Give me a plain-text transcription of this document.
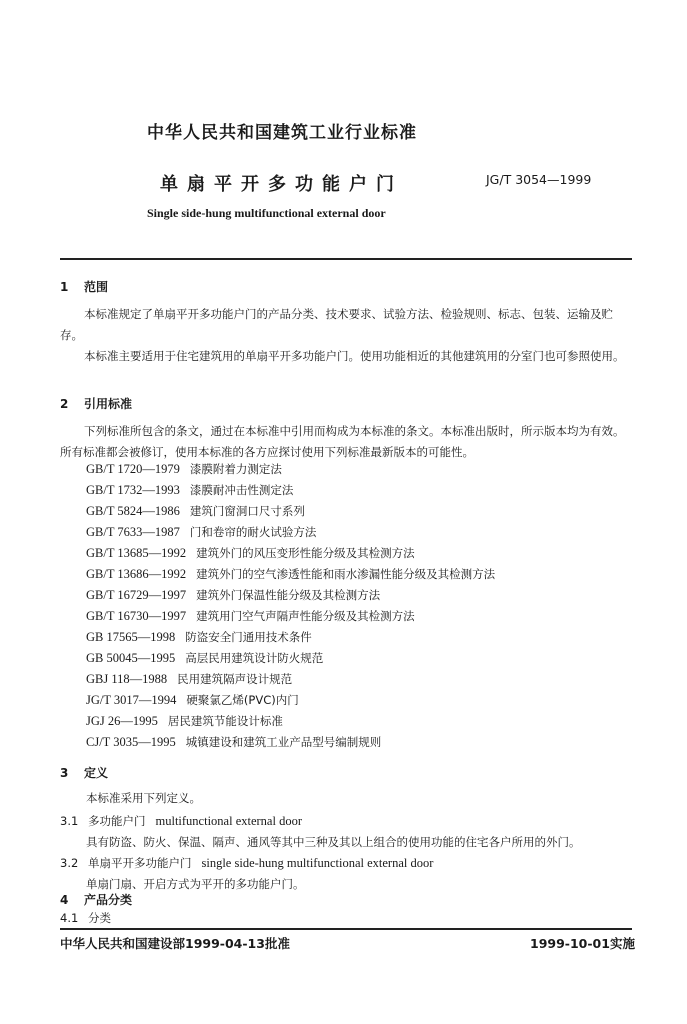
中华人民共和国建筑工业行业标准
单扇平开多功能户门	JG/T 3054—1999
Single side-hung multifunctional external door
1 范围
本标准规定了单扇平开多功能户门的产品分类、技术要求、试验方法、检验规则、标志、包装、运输及贮存。
本标准主要适用于住宅建筑用的单扇平开多功能户门。使用功能相近的其他建筑用的分室门也可参照使用。
2 引用标准
下列标准所包含的条文，通过在本标准中引用而构成为本标准的条文。本标准出版时，所示版本均为有效。所有标准都会被修订，使用本标准的各方应探讨使用下列标准最新版本的可能性。
GB/T 1720—1979 漆膜附着力测定法
GB/T 1732—1993 漆膜耐冲击性测定法
GB/T 5824—1986 建筑门窗洞口尺寸系列
GB/T 7633—1987 门和卷帘的耐火试验方法
GB/T 13685—1992 建筑外门的风压变形性能分级及其检测方法
GB/T 13686—1992 建筑外门的空气渗透性能和雨水渗漏性能分级及其检测方法
GB/T 16729—1997 建筑外门保温性能分级及其检测方法
GB/T 16730—1997 建筑用门空气声隔声性能分级及其检测方法
GB 17565—1998 防盗安全门通用技术条件
GB 50045—1995 高层民用建筑设计防火规范
GBJ 118—1988 民用建筑隔声设计规范
JG/T 3017—1994 硬聚氯乙烯(PVC)内门
JGJ 26—1995 居民建筑节能设计标准
CJ/T 3035—1995 城镇建设和建筑工业产品型号编制规则
3 定义
本标准采用下列定义。
3.1 多功能户门 multifunctional external door
具有防盗、防火、保温、隔声、通风等其中三种及其以上组合的使用功能的住宅各户所用的外门。
3.2 单扇平开多功能户门 single side-hung multifunctional external door
单扇门扇、开启方式为平开的多功能户门。
4 产品分类
4.1 分类
中华人民共和国建设部1999-04-13批准	1999-10-01实施
